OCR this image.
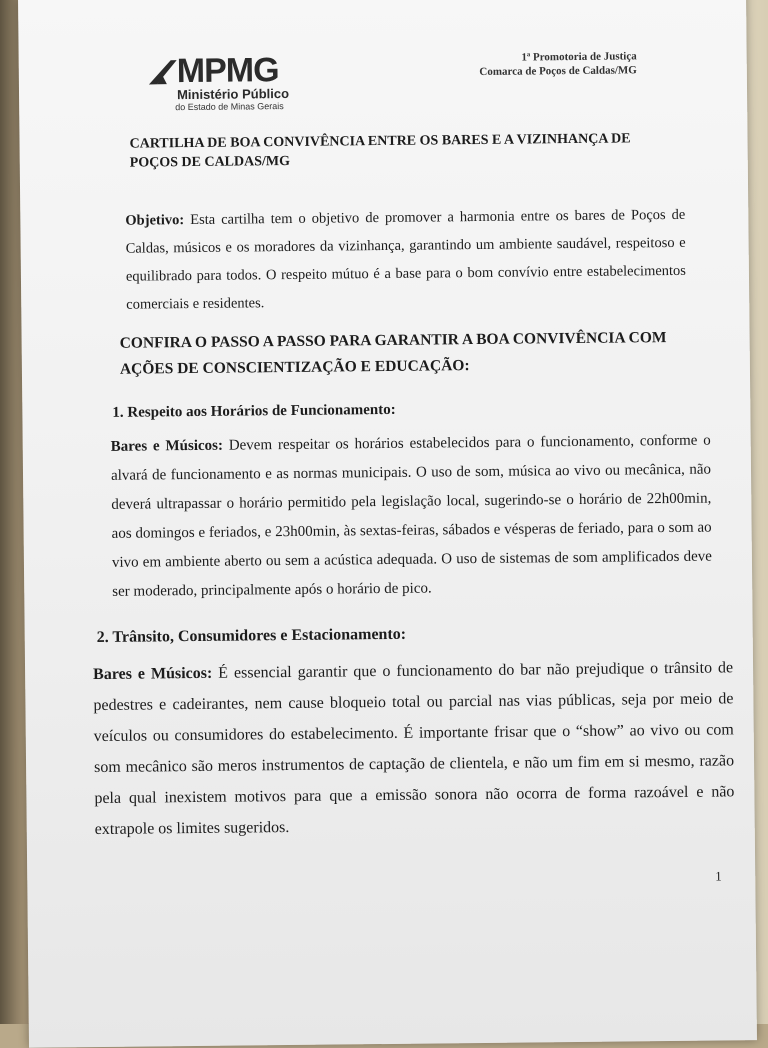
MPMG
Ministério Público
do Estado de Minas Gerais
1ª Promotoria de Justiça
Comarca de Poços de Caldas/MG
CARTILHA DE BOA CONVIVÊNCIA ENTRE OS BARES E A VIZINHANÇA DE POÇOS DE CALDAS/MG
Objetivo: Esta cartilha tem o objetivo de promover a harmonia entre os bares de Poços de Caldas, músicos e os moradores da vizinhança, garantindo um ambiente saudável, respeitoso e equilibrado para todos. O respeito mútuo é a base para o bom convívio entre estabelecimentos comerciais e residentes.
CONFIRA O PASSO A PASSO PARA GARANTIR A BOA CONVIVÊNCIA COM AÇÕES DE CONSCIENTIZAÇÃO E EDUCAÇÃO:
1. Respeito aos Horários de Funcionamento:
Bares e Músicos: Devem respeitar os horários estabelecidos para o funcionamento, conforme o alvará de funcionamento e as normas municipais. O uso de som, música ao vivo ou mecânica, não deverá ultrapassar o horário permitido pela legislação local, sugerindo-se o horário de 22h00min, aos domingos e feriados, e 23h00min, às sextas-feiras, sábados e vésperas de feriado, para o som ao vivo em ambiente aberto ou sem a acústica adequada. O uso de sistemas de som amplificados deve ser moderado, principalmente após o horário de pico.
2. Trânsito, Consumidores e Estacionamento:
Bares e Músicos: É essencial garantir que o funcionamento do bar não prejudique o trânsito de pedestres e cadeirantes, nem cause bloqueio total ou parcial nas vias públicas, seja por meio de veículos ou consumidores do estabelecimento. É importante frisar que o “show” ao vivo ou com som mecânico são meros instrumentos de captação de clientela, e não um fim em si mesmo, razão pela qual inexistem motivos para que a emissão sonora não ocorra de forma razoável e não extrapole os limites sugeridos.
1
